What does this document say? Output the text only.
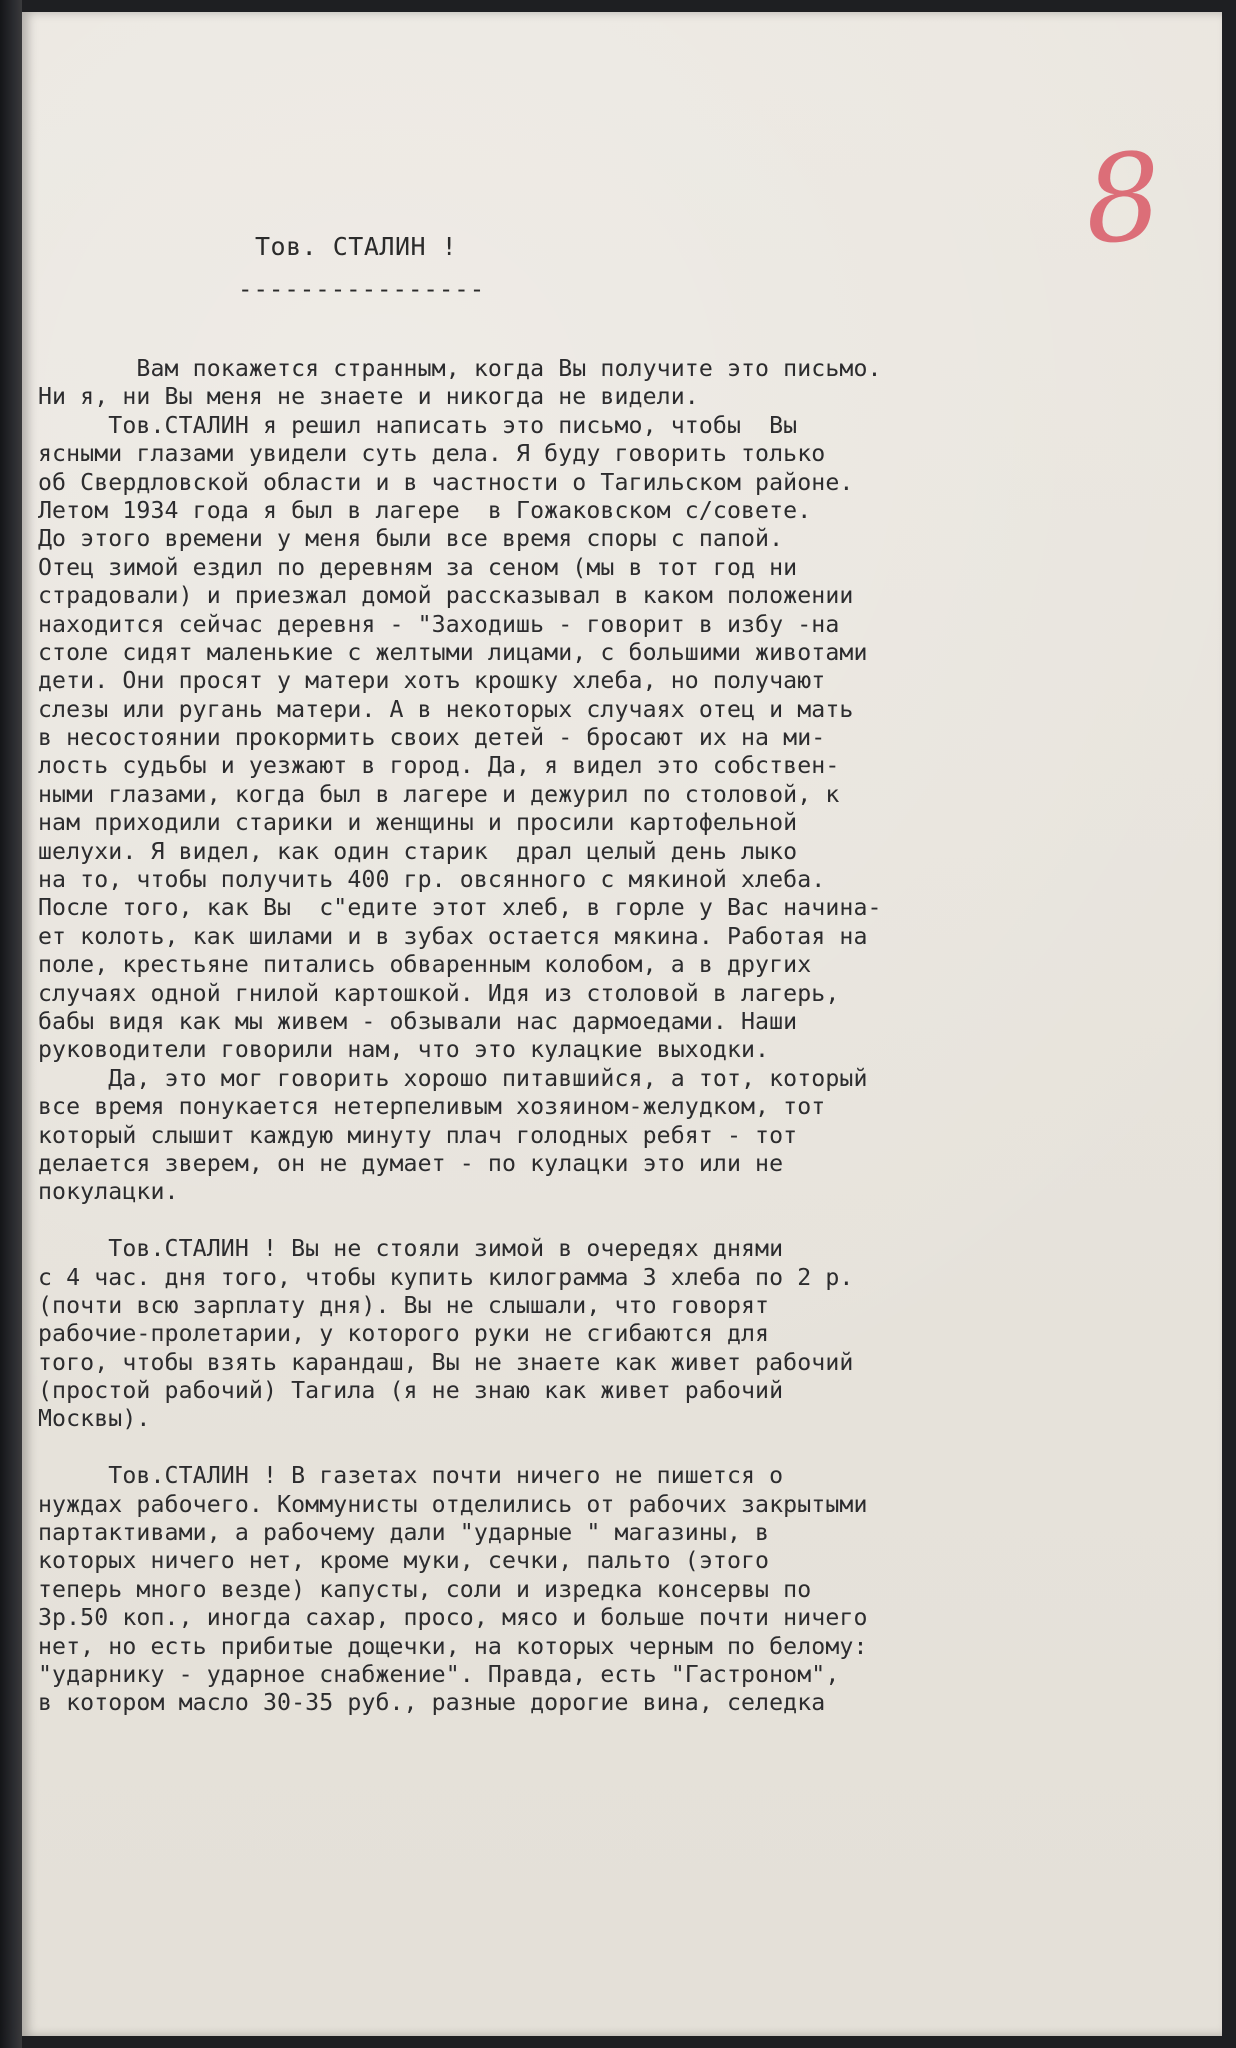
8
Тов. СТАЛИН !
----------------
Вам покажется странным, когда Вы получите это письмо.
Ни я, ни Вы меня не знаете и никогда не видели.
Тов.СТАЛИН я решил написать это письмо, чтобы  Вы
ясными глазами увидели суть дела. Я буду говорить только
об Свердловской области и в частности о Тагильском районе.
Летом 1934 года я был в лагере  в Гожаковском с/совете.
До этого времени у меня были все время споры с папой.
Отец зимой ездил по деревням за сеном (мы в тот год ни
страдовали) и приезжал домой рассказывал в каком положении
находится сейчас деревня - "Заходишь - говорит в избу -на
столе сидят маленькие с желтыми лицами, с большими животами
дети. Они просят у матери хотъ крошку хлеба, но получают
слезы или ругань матери. А в некоторых случаях отец и мать
в несостоянии прокормить своих детей - бросают их на ми-
лость судьбы и уезжают в город. Да, я видел это собствен-
ными глазами, когда был в лагере и дежурил по столовой, к
нам приходили старики и женщины и просили картофельной
шелухи. Я видел, как один старик  драл целый день лыко
на то, чтобы получить 400 гр. овсянного с мякиной хлеба.
После того, как Вы  с"едите этот хлеб, в горле у Вас начина-
ет колоть, как шилами и в зубах остается мякина. Работая на
поле, крестьяне питались обваренным колобом, а в других
случаях одной гнилой картошкой. Идя из столовой в лагерь,
бабы видя как мы живем - обзывали нас дармоедами. Наши
руководители говорили нам, что это кулацкие выходки.
Да, это мог говорить хорошо питавшийся, а тот, который
все время понукается нетерпеливым хозяином-желудком, тот
который слышит каждую минуту плач голодных ребят - тот
делается зверем, он не думает - по кулацки это или не
покулацки.
Тов.СТАЛИН ! Вы не стояли зимой в очередях днями
с 4 час. дня того, чтобы купить килограмма 3 хлеба по 2 р.
(почти всю зарплату дня). Вы не слышали, что говорят
рабочие-пролетарии, у которого руки не сгибаются для
того, чтобы взять карандаш, Вы не знаете как живет рабочий
(простой рабочий) Тагила (я не знаю как живет рабочий
Москвы).
Тов.СТАЛИН ! В газетах почти ничего не пишется о
нуждах рабочего. Коммунисты отделились от рабочих закрытыми
партактивами, а рабочему дали "ударные " магазины, в
которых ничего нет, кроме муки, сечки, пальто (этого
теперь много везде) капусты, соли и изредка консервы по
3р.50 коп., иногда сахар, просо, мясо и больше почти ничего
нет, но есть прибитые дощечки, на которых черным по белому:
"ударнику - ударное снабжение". Правда, есть "Гастроном",
в котором масло 30-35 руб., разные дорогие вина, селедка
